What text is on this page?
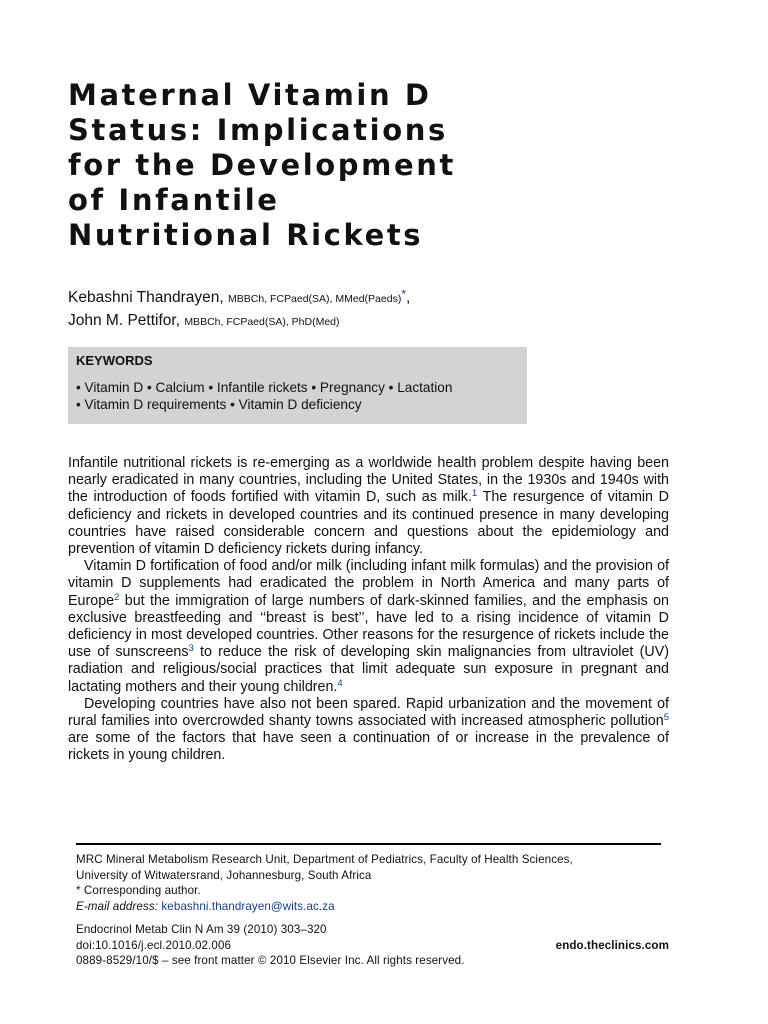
Maternal Vitamin D
Status: Implications
for the Development
of Infantile
Nutritional Rickets
Kebashni Thandrayen, MBBCh, FCPaed(SA), MMed(Paeds)*,
John M. Pettifor, MBBCh, FCPaed(SA), PhD(Med)
KEYWORDS
• Vitamin D • Calcium • Infantile rickets • Pregnancy • Lactation
• Vitamin D requirements • Vitamin D deficiency

Infantile nutritional rickets is re-emerging as a worldwide health problem despite having been nearly eradicated in many countries, including the United States, in the 1930s and 1940s with the introduction of foods fortified with vitamin D, such as milk.$^1$ The resurgence of vitamin D deficiency and rickets in developed countries and its continued presence in many developing countries have raised considerable concern and questions about the epidemiology and prevention of vitamin D deficiency rickets during infancy.

Vitamin D fortification of food and/or milk (including infant milk formulas) and the provision of vitamin D supplements had eradicated the problem in North America and many parts of Europe$^2$ but the immigration of large numbers of dark-skinned families, and the emphasis on exclusive breastfeeding and ‘‘breast is best’’, have led to a rising incidence of vitamin D deficiency in most developed countries. Other reasons for the resurgence of rickets include the use of sunscreens$^3$ to reduce the risk of developing skin malignancies from ultraviolet (UV) radiation and religious/social practices that limit adequate sun exposure in pregnant and lactating mothers and their young children.$^4$

Developing countries have also not been spared. Rapid urbanization and the movement of rural families into overcrowded shanty towns associated with increased atmospheric pollution$^5$ are some of the factors that have seen a continuation of or increase in the prevalence of rickets in young children.

MRC Mineral Metabolism Research Unit, Department of Pediatrics, Faculty of Health Sciences,
University of Witwatersrand, Johannesburg, South Africa
* Corresponding author.
E-mail address: kebashni.thandrayen@wits.ac.za
Endocrinol Metab Clin N Am 39 (2010) 303–320
doi:10.1016/j.ecl.2010.02.006	endo.theclinics.com
0889-8529/10/$ – see front matter © 2010 Elsevier Inc. All rights reserved.
